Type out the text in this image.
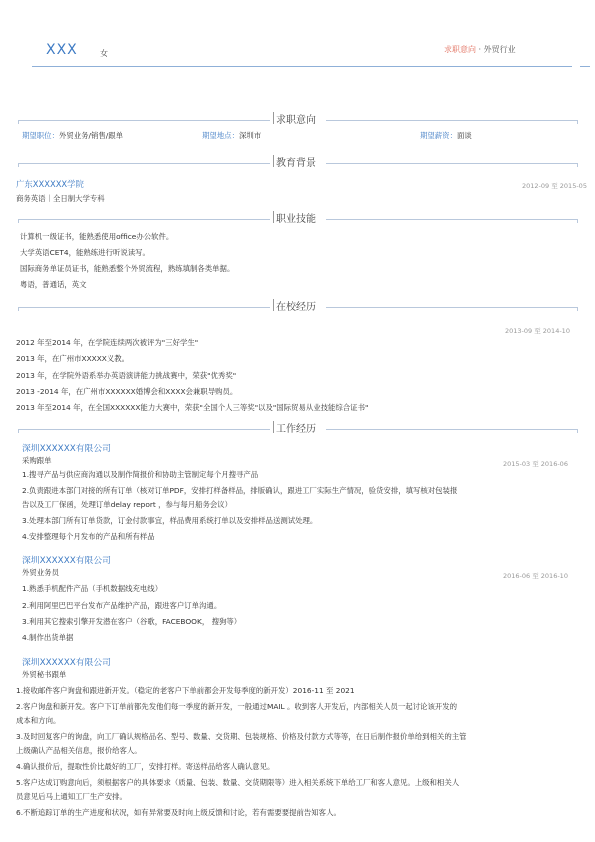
XXX	女	求职意向 · 外贸行业
求职意向
期望职位：外贸业务/销售/跟单	期望地点：深圳市	期望薪资：面谈
教育背景
广东XXXXXX学院	2012-09 至 2015-05
商务英语｜全日制大学专科
职业技能
计算机一级证书，能熟悉使用office办公软件。
大学英语CET4，能熟练进行听说读写。
国际商务单证员证书，能熟悉整个外贸流程，熟练填制各类单据。
粤语，普通话，英文
在校经历
2013-09 至 2014-10
2012 年至2014 年，在学院连续两次被评为"三好学生"
2013 年，在广州市XXXXX义教。
2013 年，在学院外语系举办英语演讲能力挑战赛中，荣获"优秀奖"
2013 -2014 年，在广州市XXXXXX婚博会和XXXX会兼职导购员。
2013 年至2014 年，在全国XXXXXX能力大赛中，荣获"全国个人三等奖"以及"国际贸易从业技能综合证书"
工作经历
深圳XXXXXX有限公司
采购跟单	2015-03 至 2016-06
1.搜寻产品与供应商沟通以及制作简报价和协助主管制定每个月搜寻产品
2.负责跟进本部门对接的所有订单（核对订单PDF，安排打样备样品，排版确认，跟进工厂实际生产情况，验货安排，填写核对包装报
告以及工厂保函，处理订单delay report ，参与每月船务会议）
3.处理本部门所有订单货款，订金付款事宜，样品费用系统打单以及安排样品送测试处理。
4.安排整理每个月发布的产品和所有样品
深圳XXXXXX有限公司
外贸业务员	2016-06 至 2016-10
1.熟悉手机配件产品（手机数据线充电线）
2.利用阿里巴巴平台发布产品维护产品，跟进客户订单沟通。
3.利用其它搜索引擎开发潜在客户（谷歌，FACEBOOK， 搜狗等）
4.制作出货单据
深圳XXXXXX有限公司
外贸秘书跟单
1.接收邮件客户询盘和跟进新开发。（稳定的老客户下单前都会开发每季度的新开发）2016-11 至 2021
2.客户询盘和新开发。客户下订单前都先发他们每一季度的新开发，一般通过MAIL 。收到客人开发后，内部相关人员一起讨论该开发的
成本和方向。
3.及时回复客户的询盘，向工厂确认规格品名、型号、数量、交货期、包装规格、价格及付款方式等等，在日后制作报价单给到相关的主管
上级确认产品相关信息，报价给客人。
4.确认报价后，提取性价比最好的工厂，安排打样。寄送样品给客人确认意见。
5.客户达成订购意向后，须根据客户的具体要求（质量、包装、数量、交货期限等）进入相关系统下单给工厂和客人意见。上级和相关人
员意见后马上通知工厂生产安排。
6.不断追踪订单的生产进度和状况，如有异常要及时向上级反馈和讨论，若有需要要提前告知客人。
